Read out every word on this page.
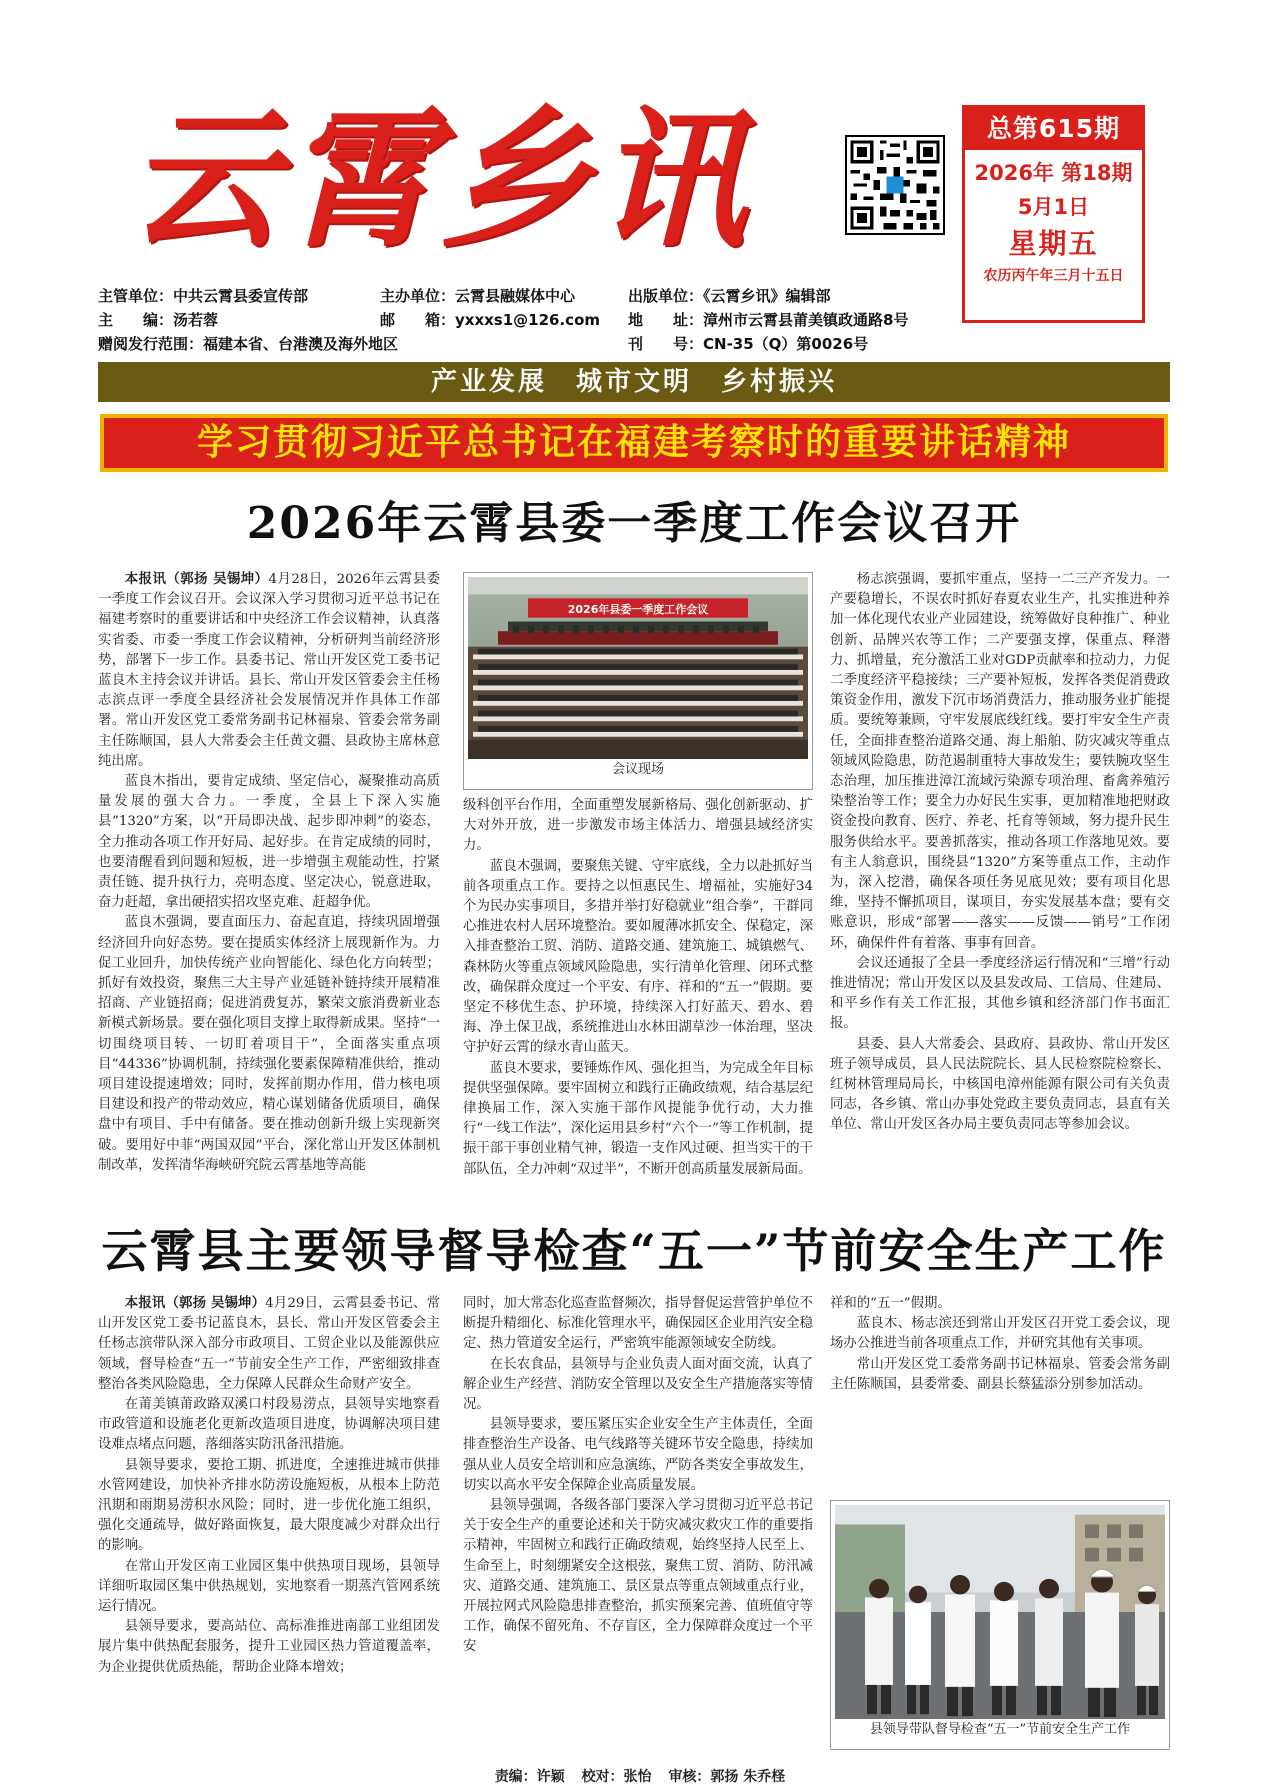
云霄乡讯	总第615期
2026年 第18期
5月1日
星期五
农历丙午年三月十五日
主管单位：中共云霄县委宣传部	主办单位：云霄县融媒体中心	出版单位：《云霄乡讯》编辑部
主　　编：汤若蓉	邮　　箱：yxxxs1@126.com	地　　址：漳州市云霄县莆美镇政通路8号
赠阅发行范围：福建本省、台港澳及海外地区	刊　　号：CN-35（Q）第0026号
产业发展　城市文明　乡村振兴
学习贯彻习近平总书记在福建考察时的重要讲话精神
2026年云霄县委一季度工作会议召开

本报讯（郭扬 吴锡坤）4月28日，2026年云霄县委一季度工作会议召开。会议深入学习贯彻习近平总书记在福建考察时的重要讲话和中央经济工作会议精神，认真落实省委、市委一季度工作会议精神，分析研判当前经济形势，部署下一步工作。县委书记、常山开发区党工委书记蓝良木主持会议并讲话。县长、常山开发区管委会主任杨志滨点评一季度全县经济社会发展情况并作具体工作部署。常山开发区党工委常务副书记林福泉、管委会常务副主任陈顺国，县人大常委会主任黄文疆、县政协主席林意纯出席。

蓝良木指出，要肯定成绩、坚定信心，凝聚推动高质量发展的强大合力。一季度，全县上下深入实施县“1320”方案，以“开局即决战、起步即冲刺”的姿态，全力推动各项工作开好局、起好步。在肯定成绩的同时，也要清醒看到问题和短板，进一步增强主观能动性，拧紧责任链、提升执行力，亮明态度、坚定决心，锐意进取，奋力赶超，拿出硬招实招攻坚克难、赶超争优。

蓝良木强调，要直面压力、奋起直追，持续巩固增强经济回升向好态势。要在提质实体经济上展现新作为。力促工业回升，加快传统产业向智能化、绿色化方向转型；抓好有效投资，聚焦三大主导产业延链补链持续开展精准招商、产业链招商；促进消费复苏，繁荣文旅消费新业态新模式新场景。要在强化项目支撑上取得新成果。坚持“一切围绕项目转、一切盯着项目干”，全面落实重点项目“44336”协调机制，持续强化要素保障精准供给，推动项目建设提速增效；同时，发挥前期办作用，借力核电项目建设和投产的带动效应，精心谋划储备优质项目，确保盘中有项目、手中有储备。要在推动创新升级上实现新突破。要用好中菲“两国双园”平台，深化常山开发区体制机制改革，发挥清华海峡研究院云霄基地等高能

2026年县委一季度工作会议
会议现场

级科创平台作用，全面重塑发展新格局、强化创新驱动、扩大对外开放，进一步激发市场主体活力、增强县域经济实力。

蓝良木强调，要聚焦关键、守牢底线，全力以赴抓好当前各项重点工作。要持之以恒惠民生、增福祉，实施好34个为民办实事项目，多措并举打好稳就业“组合拳”，干群同心推进农村人居环境整治。要如履薄冰抓安全、保稳定，深入排查整治工贸、消防、道路交通、建筑施工、城镇燃气、森林防火等重点领域风险隐患，实行清单化管理、闭环式整改，确保群众度过一个平安、有序、祥和的“五一”假期。要坚定不移优生态、护环境，持续深入打好蓝天、碧水、碧海、净土保卫战，系统推进山水林田湖草沙一体治理，坚决守护好云霄的绿水青山蓝天。

蓝良木要求，要锤炼作风、强化担当，为完成全年目标提供坚强保障。要牢固树立和践行正确政绩观，结合基层纪律换届工作，深入实施干部作风提能争优行动，大力推行“一线工作法”，深化运用县乡村“六个一”等工作机制，提振干部干事创业精气神，锻造一支作风过硬、担当实干的干部队伍，全力冲刺“双过半”，不断开创高质量发展新局面。

杨志滨强调，要抓牢重点，坚持一二三产齐发力。一产要稳增长，不误农时抓好春夏农业生产，扎实推进种养加一体化现代农业产业园建设，统筹做好良种推广、种业创新、品牌兴农等工作；二产要强支撑，保重点、释潜力、抓增量，充分激活工业对GDP贡献率和拉动力，力促二季度经济平稳接续；三产要补短板，发挥各类促消费政策资金作用，激发下沉市场消费活力，推动服务业扩能提质。要统筹兼顾，守牢发展底线红线。要打牢安全生产责任，全面排查整治道路交通、海上船舶、防灾减灾等重点领域风险隐患，防范遏制重特大事故发生；要铁腕攻坚生态治理，加压推进漳江流域污染源专项治理、畜禽养殖污染整治等工作；要全力办好民生实事，更加精准地把财政资金投向教育、医疗、养老、托育等领域，努力提升民生服务供给水平。要善抓落实，推动各项工作落地见效。要有主人翁意识，围绕县“1320”方案等重点工作，主动作为，深入挖潜，确保各项任务见底见效；要有项目化思维，坚持不懈抓项目，谋项目，夯实发展基本盘；要有交账意识，形成“部署——落实——反馈——销号”工作闭环，确保件件有着落、事事有回音。

会议还通报了全县一季度经济运行情况和“三增”行动推进情况；常山开发区以及县发改局、工信局、住建局、和平乡作有关工作汇报，其他乡镇和经济部门作书面汇报。

县委、县人大常委会、县政府、县政协、常山开发区班子领导成员，县人民法院院长、县人民检察院检察长、红树林管理局局长，中核国电漳州能源有限公司有关负责同志，各乡镇、常山办事处党政主要负责同志，县直有关单位、常山开发区各办局主要负责同志等参加会议。

云霄县主要领导督导检查“五一”节前安全生产工作

本报讯（郭扬 吴锡坤）4月29日，云霄县委书记、常山开发区党工委书记蓝良木，县长、常山开发区管委会主任杨志滨带队深入部分市政项目、工贸企业以及能源供应领域，督导检查“五一”节前安全生产工作，严密细致排查整治各类风险隐患，全力保障人民群众生命财产安全。

在莆美镇莆政路双溪口村段易涝点，县领导实地察看市政管道和设施老化更新改造项目进度，协调解决项目建设难点堵点问题，落细落实防汛备汛措施。

县领导要求，要抢工期、抓进度，全速推进城市供排水管网建设，加快补齐排水防涝设施短板，从根本上防范汛期和雨期易涝积水风险；同时，进一步优化施工组织，强化交通疏导，做好路面恢复，最大限度减少对群众出行的影响。

在常山开发区南工业园区集中供热项目现场，县领导详细听取园区集中供热规划，实地察看一期蒸汽管网系统运行情况。

县领导要求，要高站位、高标准推进南部工业组团发展片集中供热配套服务，提升工业园区热力管道覆盖率，为企业提供优质热能，帮助企业降本增效；

同时，加大常态化巡查监督频次，指导督促运营管护单位不断提升精细化、标准化管理水平，确保园区企业用汽安全稳定、热力管道安全运行，严密筑牢能源领域安全防线。

在长农食品，县领导与企业负责人面对面交流，认真了解企业生产经营、消防安全管理以及安全生产措施落实等情况。

县领导要求，要压紧压实企业安全生产主体责任，全面排查整治生产设备、电气线路等关键环节安全隐患，持续加强从业人员安全培训和应急演练，严防各类安全事故发生，切实以高水平安全保障企业高质量发展。

县领导强调，各级各部门要深入学习贯彻习近平总书记关于安全生产的重要论述和关于防灾减灾救灾工作的重要指示精神，牢固树立和践行正确政绩观，始终坚持人民至上、生命至上，时刻绷紧安全这根弦，聚焦工贸、消防、防汛减灾、道路交通、建筑施工、景区景点等重点领域重点行业，开展拉网式风险隐患排查整治，抓实预案完善、值班值守等工作，确保不留死角、不存盲区，全力保障群众度过一个平安

祥和的“五一”假期。

蓝良木、杨志滨还到常山开发区召开党工委会议，现场办公推进当前各项重点工作，并研究其他有关事项。

常山开发区党工委常务副书记林福泉、管委会常务副主任陈顺国，县委常委、副县长蔡猛添分别参加活动。

县领导带队督导检查“五一”节前安全生产工作
责编：许颖 校对：张怡 审核：郭扬 朱乔柽
